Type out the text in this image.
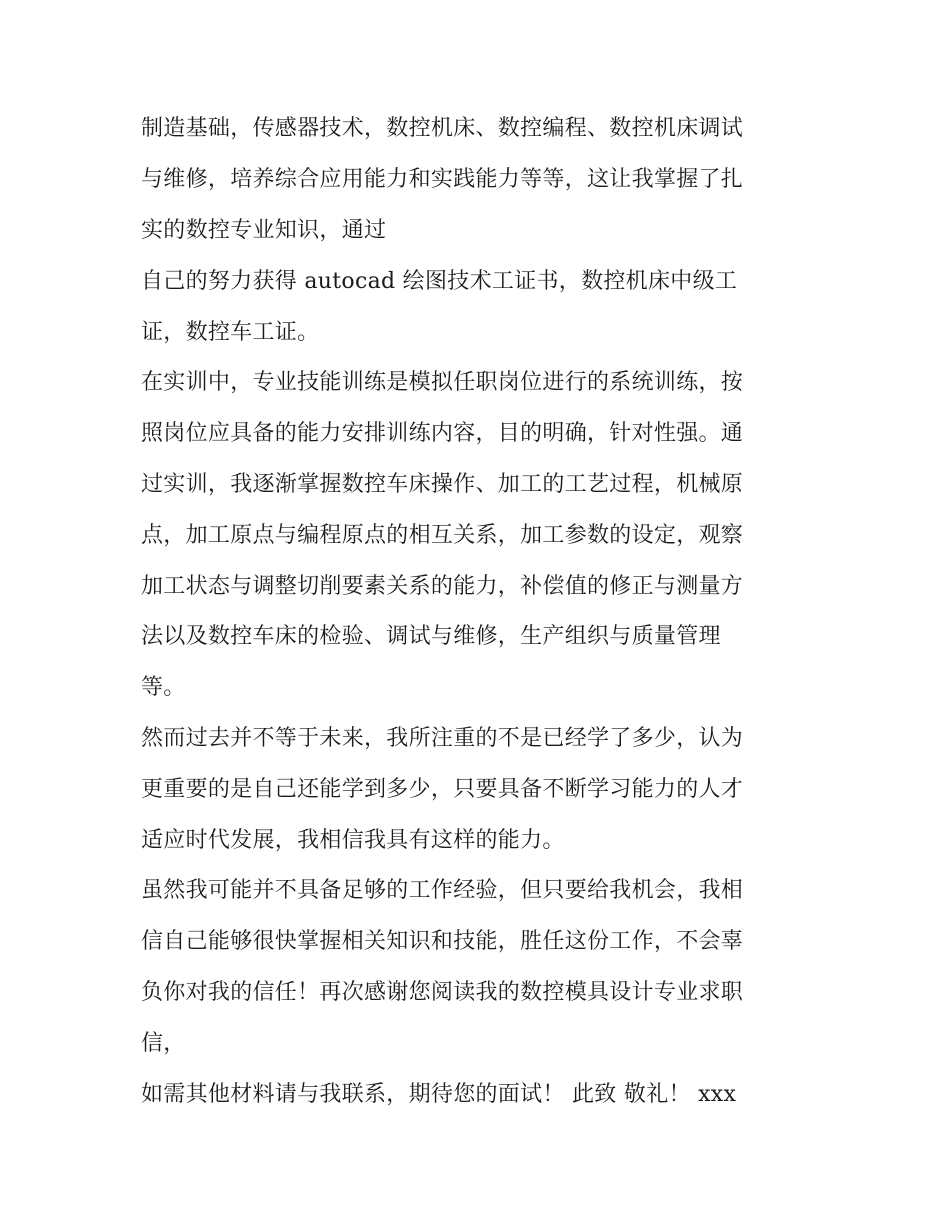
制造基础，传感器技术，数控机床、数控编程、数控机床调试
与维修，培养综合应用能力和实践能力等等，这让我掌握了扎
实的数控专业知识，通过
自己的努力获得 autocad 绘图技术工证书，数控机床中级工
证，数控车工证。
在实训中，专业技能训练是模拟任职岗位进行的系统训练，按
照岗位应具备的能力安排训练内容，目的明确，针对性强。通
过实训，我逐渐掌握数控车床操作、加工的工艺过程，机械原
点，加工原点与编程原点的相互关系，加工参数的设定，观察
加工状态与调整切削要素关系的能力，补偿值的修正与测量方
法以及数控车床的检验、调试与维修，生产组织与质量管理
等。
然而过去并不等于未来，我所注重的不是已经学了多少，认为
更重要的是自己还能学到多少，只要具备不断学习能力的人才
适应时代发展，我相信我具有这样的能力。
虽然我可能并不具备足够的工作经验，但只要给我机会，我相
信自己能够很快掌握相关知识和技能，胜任这份工作，不会辜
负你对我的信任！再次感谢您阅读我的数控模具设计专业求职
信，
如需其他材料请与我联系，期待您的面试！ 此致 敬礼！ xxx
